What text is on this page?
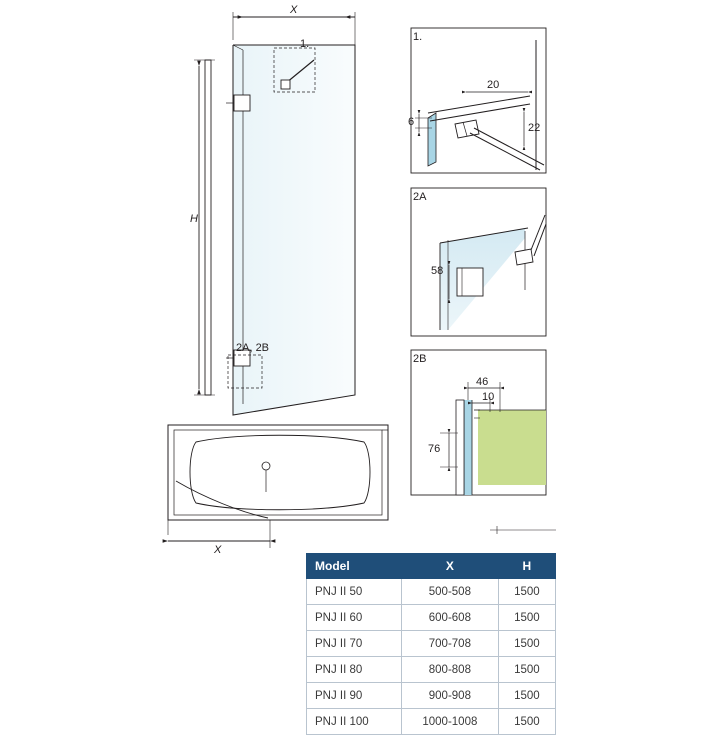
X
H
1.
2A, 2B
X
1.
20
6	22
2A
58
2B
46
10
76
Model	X	H
PNJ II 50	500-508	1500
PNJ II 60	600-608	1500
PNJ II 70	700-708	1500
PNJ II 80	800-808	1500
PNJ II 90	900-908	1500
PNJ II 100	1000-1008	1500
